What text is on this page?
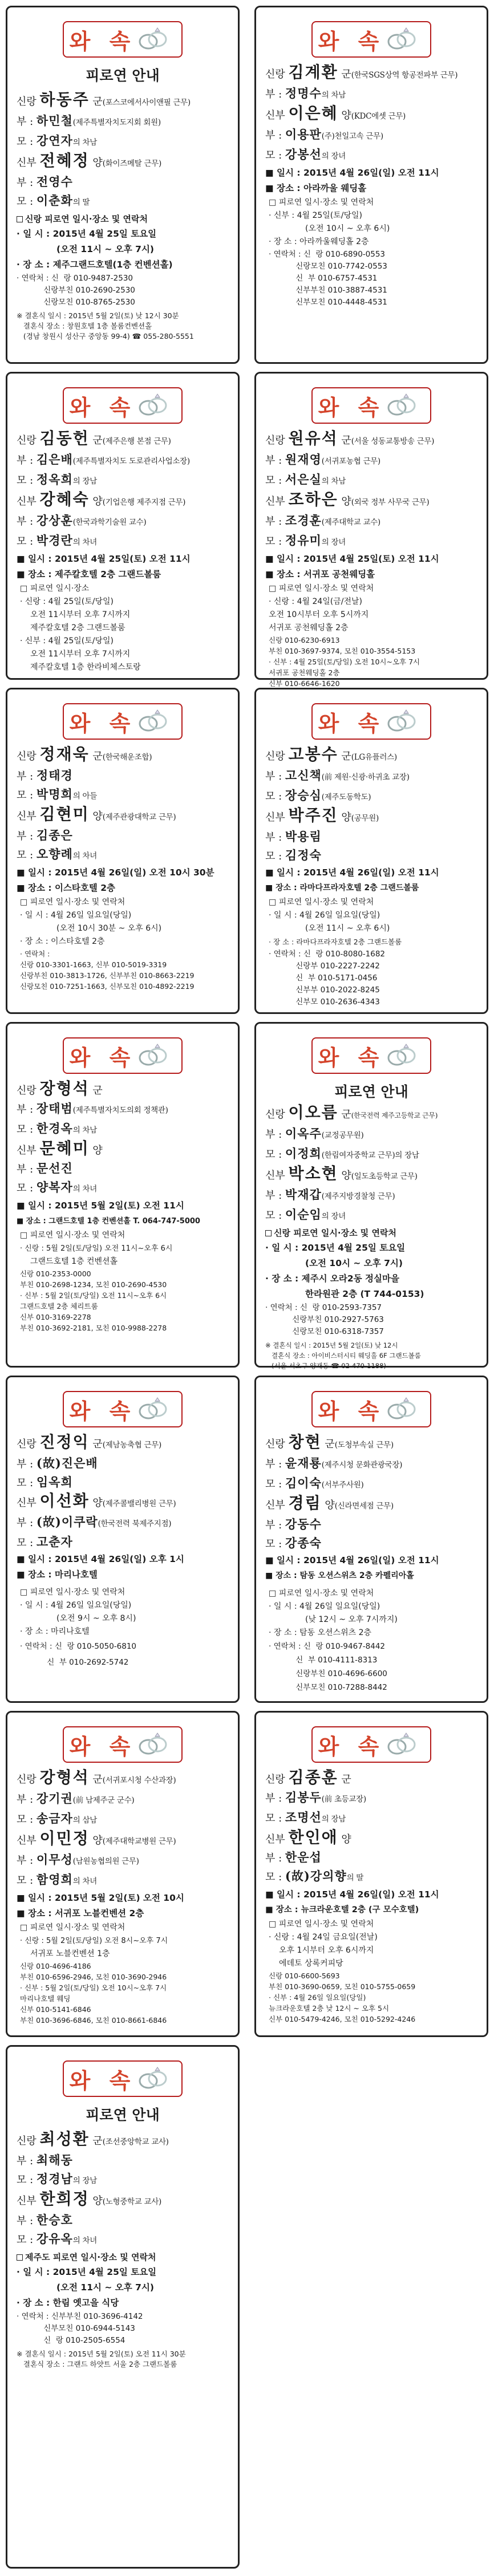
와 속
피로연 안내
신랑 하동주 군(포스코에서사이앤필 근무)
부 : 하민철(제주특별자치도지회 회원)
모 : 강연자의 차남
신부 전혜정 양(화이즈메탈 근무)
부 : 전영수
모 : 이춘화의 딸
신랑 피로연 일시·장소 및 연락처
· 일 시 : 2015년 4월 25일 토요일
(오전 11시 ~ 오후 7시)
· 장 소 : 제주그랜드호텔(1층 컨벤션홀)
· 연락처 : 신  랑 010-9487-2530
신랑부친 010-2690-2530
신랑모친 010-8765-2530
※ 결혼식 일시 : 2015년 5월 2일(토) 낮 12시 30분
결혼식 장소 : 창원호텔 1층 볼룸컨벤션홀
(경남 창원시 성산구 중앙동 99-4) ☎ 055-280-5551
와 속
신랑 김계환 군(한국SGS상역 항공전파부 근무)
부 : 정명수의 차남
신부 이은혜 양(KDC에셋 근무)
부 : 이용판(주)천일고속 근무)
모 : 강봉선의 장녀
■ 일시 : 2015년 4월 26일(일) 오전 11시
■ 장소 : 아라까울 웨딩홀
□ 피로연 일시·장소 및 연락처
· 신부 : 4월 25일(토/당일)
(오전 10시 ~ 오후 6시)
· 장 소 : 아라까울웨딩홀 2층
· 연락처 : 신  랑 010-6890-0553
신랑모친 010-7742-0553
신  부 010-6757-4531
신부부친 010-3887-4531
신부모친 010-4448-4531
와 속
신랑 김동헌 군(제주은행 본점 근무)
부 : 김은배(제주특별자치도 도로관리사업소장)
모 : 정옥희의 장남
신부 강혜숙 양(기업은행 제주지점 근무)
부 : 강상훈(한국과학기술원 교수)
모 : 박경란의 차녀
■ 일시 : 2015년 4월 25일(토) 오전 11시
■ 장소 : 제주칼호텔 2층 그랜드볼룸
□ 피로연 일시·장소
· 신랑 : 4월 25일(토/당일)
오전 11시부터 오후 7시까지
제주칼호텔 2층 그랜드볼룸
· 신부 : 4월 25일(토/당일)
오전 11시부터 오후 7시까지
제주칼호텔 1층 한라비체스토랑
와 속
신랑 원유석 군(서울 성동교통방송 근무)
부 : 원재영(서귀포농협 근무)
모 : 서은실의 차남
신부 조하은 양(외국 정부 사무국 근무)
부 : 조경훈(제주대학교 교수)
모 : 정유미의 장녀
■ 일시 : 2015년 4월 25일(토) 오전 11시
■ 장소 : 서귀포 공천웨딩홀
□ 피로연 일시·장소 및 연락처
· 신랑 : 4월 24일(금/전날)
오전 10시부터 오후 5시까지
서귀포 공천웨딩홀 2층
신랑 010-6230-6913
부친 010-3697-9374, 모친 010-3554-5153
· 신부 : 4월 25일(토/당일) 오전 10시~오후 7시
서귀포 공천웨딩홀 2층
신부 010-6646-1620

와 속
신랑 정재욱 군(한국해운조합)
부 : 정태경
모 : 박명희의 아들
신부 김현미 양(제주관광대학교 근무)
부 : 김종은
모 : 오향례의 차녀
■ 일시 : 2015년 4월 26일(일) 오전 10시 30분
■ 장소 : 이스타호텔 2층
□ 피로연 일시·장소 및 연락처
· 일 시 : 4월 26일 일요일(당일)
(오전 10시 30분 ~ 오후 6시)
· 장 소 : 이스타호텔 2층
· 연락처 :
신랑 010-3301-1663, 신부 010-5019-3319
신랑부친 010-3813-1726, 신부부친 010-8663-2219
신랑모친 010-7251-1663, 신부모친 010-4892-2219
와 속
신랑 고봉수 군(LG유플러스)
부 : 고신책(前 제원·신광·하귀초 교장)
모 : 장승심(제주도동학도)
신부 박주진 양(공무원)
부 : 박용림
모 : 김정숙
■ 일시 : 2015년 4월 26일(일) 오전 11시
■ 장소 : 라마다프라자호텔 2층 그랜드볼룸
□ 피로연 일시·장소 및 연락처
· 일 시 : 4월 26일 일요일(당일)
(오전 11시 ~ 오후 6시)
· 장 소 : 라마다프라자호텔 2층 그랜드볼룸
· 연락처 : 신  랑 010-8080-1682
신랑부 010-2227-2242
신  부 010-5171-0456
신부부 010-2022-8245
신부모 010-2636-4343
와 속
신랑 장형석 군
부 : 장태범(제주특별자치도의회 정책관)
모 : 한경옥의 차남
신부 문혜미 양
부 : 문선진
모 : 양복자의 차녀
■ 일시 : 2015년 5월 2일(토) 오전 11시
■ 장소 : 그랜드호텔 1층 컨벤션홀 T. 064-747-5000
□ 피로연 일시·장소 및 연락처
· 신랑 : 5월 2일(토/당일) 오전 11시~오후 6시
그랜드호텔 1층 컨벤션홀
신랑 010-2353-0000
부친 010-2698-1234, 모친 010-2690-4530
· 신부 : 5월 2일(토/당일) 오전 11시~오후 6시
그랜드호텔 2층 체리트룸
신부 010-3169-2278
부친 010-3692-2181, 모친 010-9988-2278
와 속
피로연 안내
신랑 이오름 군(한국전력 제주고등학교 근무)
부 : 이옥주(교정공무원)
모 : 이정희(한림여자중학교 근무)의 장남
신부 박소현 양(일도초등학교 근무)
부 : 박재갑(제주지방경찰청 근무)
모 : 이순임의 장녀
신랑 피로연 일시·장소 및 연락처
· 일 시 : 2015년 4월 25일 토요일
(오전 10시 ~ 오후 7시)
· 장 소 : 제주시 오라2동 정실마을
한라원관 2층 (T 744-0153)
· 연락처 : 신  랑 010-2593-7357
신랑부친 010-2927-5763
신랑모친 010-6318-7357
※ 결혼식 일시 : 2015년 5월 2일(토) 낮 12시
결혼식 장소 : 아이비스터시티 웨딩홀 6F 그랜드볼룸
(서울 서초구 양재동 ☎ 02-470-1188)
와 속
신랑 진정익 군(제남농축협 근무)
부 : (故)진은배
모 : 임옥희
신부 이선화 양(제주콜밸리병원 근무)
부 : (故)이쿠락(한국전력 북제주지점)
모 : 고춘자
■ 일시 : 2015년 4월 26일(일) 오후 1시
■ 장소 : 마리나호텔
□ 피로연 일시·장소 및 연락처
· 일 시 : 4월 26일 일요일(당일)
(오전 9시 ~ 오후 8시)
· 장 소 : 마리나호텔
· 연락처 : 신  랑 010-5050-6810
신  부 010-2692-5742
와 속
신랑 창현 군(도청부속실 근무)
부 : 윤재룡(제주시청 문화관광국장)
모 : 김이숙(서부주사원)
신부 경림 양(신라면세점 근무)
부 : 강동수
모 : 강종숙
■ 일시 : 2015년 4월 26일(일) 오전 11시
■ 장소 : 탐동 오션스위츠 2층 카펠리아홀
□ 피로연 일시·장소 및 연락처
· 일 시 : 4월 26일 일요일(당일)
(낮 12시 ~ 오후 7시까지)
· 장 소 : 탐동 오션스위츠 2층
· 연락처 : 신  랑 010-9467-8442
신  부 010-4111-8313
신랑부친 010-4696-6600
신부모친 010-7288-8442
와 속
신랑 강형석 군(서귀포시청 수산과장)
부 : 강기권(前 남제주군 군수)
모 : 송금자의 삼남
신부 이민정 양(제주대학교병원 근무)
부 : 이무성(남원농협의원 근무)
모 : 함영희의 차녀
■ 일시 : 2015년 5월 2일(토) 오전 10시
■ 장소 : 서귀포 노블컨벤션 2층
□ 피로연 일시·장소 및 연락처
· 신랑 : 5월 2일(토/당일) 오전 8시~오후 7시
서귀포 노블컨벤션 1층
신랑 010-4696-4186
부친 010-6596-2946, 모친 010-3690-2946
· 신부 : 5월 2일(토/당일) 오전 10시~오후 7시
마리나호텔 웨딩
신부 010-5141-6846
부친 010-3696-6846, 모친 010-8661-6846
와 속
신랑 김종훈 군
부 : 김봉두(前 초등교장)
모 : 조명선의 장남
신부 한인애 양
부 : 한운섭
모 : (故)강의향의 딸
■ 일시 : 2015년 4월 26일(일) 오전 11시
■ 장소 : 뉴크라운호텔 2층 (구 모수호텔)
□ 피로연 일시·장소 및 연락처
· 신랑 : 4월 24일 금요일(전날)
오후 1시부터 오후 6시까지
에데토 상록커피당
신랑 010-6600-5693
부친 010-3690-0659, 모친 010-5755-0659
· 신부 : 4월 26일 일요일(당일)
뉴크라운호텔 2층 낮 12시 ~ 오후 5시
신부 010-5479-4246, 모친 010-5292-4246
와 속
피로연 안내
신랑 최성환 군(조선중앙학교 교사)
부 : 최해동
모 : 정경남의 장남
신부 한희정 양(노형중학교 교사)
부 : 한승호
모 : 강유옥의 차녀
제주도 피로연 일시·장소 및 연락처
· 일 시 : 2015년 4월 25일 토요일
(오전 11시 ~ 오후 7시)
· 장 소 : 한림 옛고을 식당
· 연락처 : 신부부친 010-3696-4142
신부모친 010-6944-5143
신  랑 010-2505-6554
※ 결혼식 일시 : 2015년 5월 2일(토) 오전 11시 30분
결혼식 장소 : 그랜드 하얏트 서울 2층 그랜드볼룸
